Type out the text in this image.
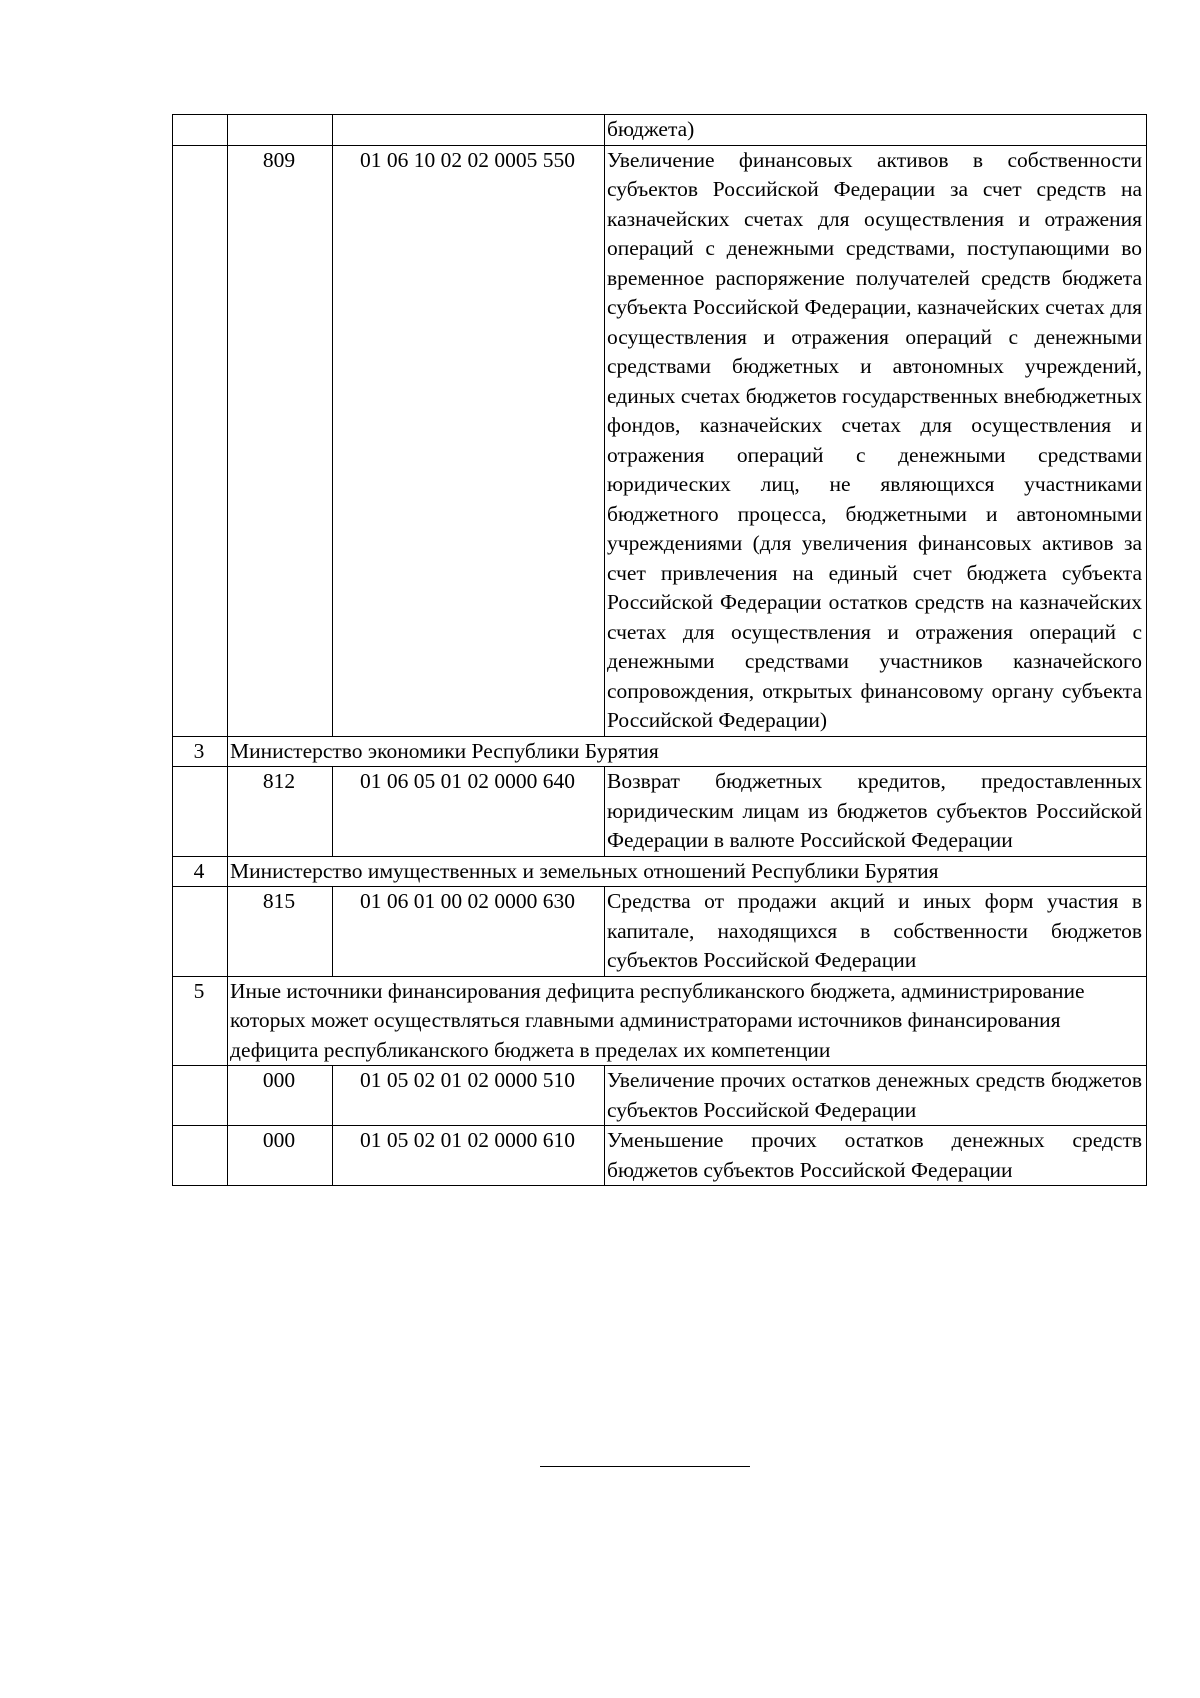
			бюджета)
	809	01 06 10 02 02 0005 550	Увеличение финансовых активов в собственности субъектов Российской Федерации за счет средств на казначейских счетах для осуществления и отражения операций с денежными средствами, поступающими во временное распоряжение получателей средств бюджета субъекта Российской Федерации, казначейских счетах для осуществления и отражения операций с денежными средствами бюджетных и автономных учреждений, единых счетах бюджетов государственных внебюджетных фондов, казначейских счетах для осуществления и отражения операций с денежными средствами юридических лиц, не являющихся участниками бюджетного процесса, бюджетными и автономными учреждениями (для увеличения финансовых активов за счет привлечения на единый счет бюджета субъекта Российской Федерации остатков средств на казначейских счетах для осуществления и отражения операций с денежными средствами участников казначейского сопровождения, открытых финансовому органу субъекта Российской Федерации)
3	Министерство экономики Республики Бурятия		
	812	01 06 05 01 02 0000 640	Возврат бюджетных кредитов, предоставленных юридическим лицам из бюджетов субъектов Российской Федерации в валюте Российской Федерации
4	Министерство имущественных и земельных отношений Республики Бурятия		
	815	01 06 01 00 02 0000 630	Средства от продажи акций и иных форм участия в капитале, находящихся в собственности бюджетов субъектов Российской Федерации
5	Иные источники финансирования дефицита республиканского бюджета, администрирование которых может осуществляться главными администраторами источников финансирования дефицита республиканского бюджета в пределах их компетенции		
	000	01 05 02 01 02 0000 510	Увеличение прочих остатков денежных средств бюджетов субъектов Российской Федерации
	000	01 05 02 01 02 0000 610	Уменьшение прочих остатков денежных средств бюджетов субъектов Российской Федерации
